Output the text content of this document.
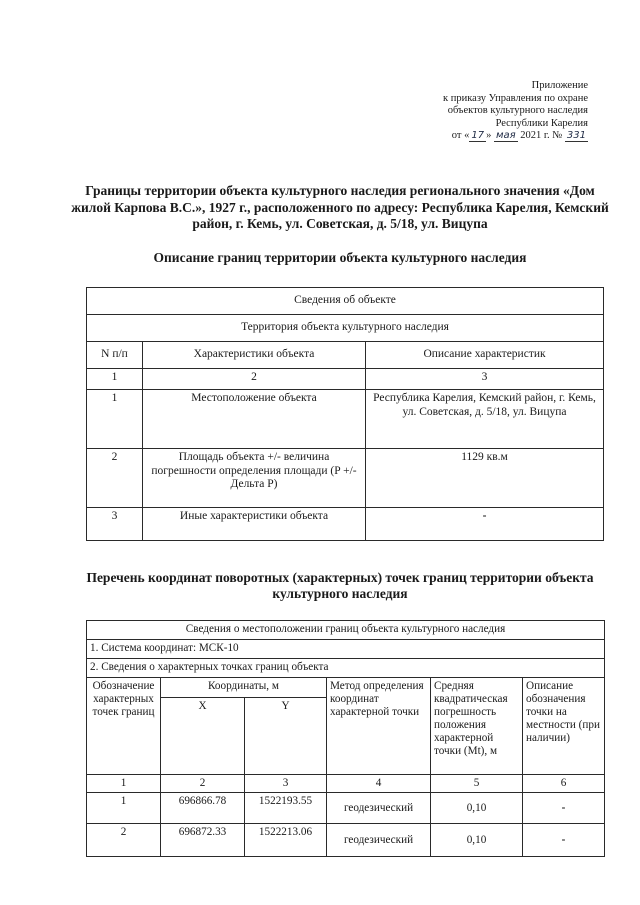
Приложение
к приказу Управления по охране
объектов культурного наследия
Республики Карелия
от « 17 » мая 2021 г. № 331
Границы территории объекта культурного наследия регионального значения «Дом жилой Карпова В.С.», 1927 г., расположенного по адресу: Республика Карелия, Кемский район, г. Кемь, ул. Советская, д. 5/18, ул. Вицупа
Описание границ территории объекта культурного наследия
Сведения об объекте		
Территория объекта культурного наследия		
N п/п	Характеристики объекта	Описание характеристик
1	2	3
1	Местоположение объекта	Республика Карелия, Кемский район, г. Кемь, ул. Советская, д. 5/18, ул. Вицупа
2	Площадь объекта +/- величина погрешности определения площади (P +/- Дельта P)	1129 кв.м
3	Иные характеристики объекта	-
Перечень координат поворотных (характерных) точек границ территории объекта культурного наследия
Сведения о местоположении границ объекта культурного наследия					
1. Система координат: МСК-10					
2. Сведения о характерных точках границ объекта					
Обозначение характерных точек границ	Координаты, м		Метод определения координат характерной точки	Средняя квадратическая погрешность положения характерной точки (Mt), м	Описание обозначения точки на местности (при наличии)
	X	Y			
1	2	3	4	5	6
1	696866.78	1522193.55	геодезический	0,10	-
2	696872.33	1522213.06	геодезический	0,10	-
